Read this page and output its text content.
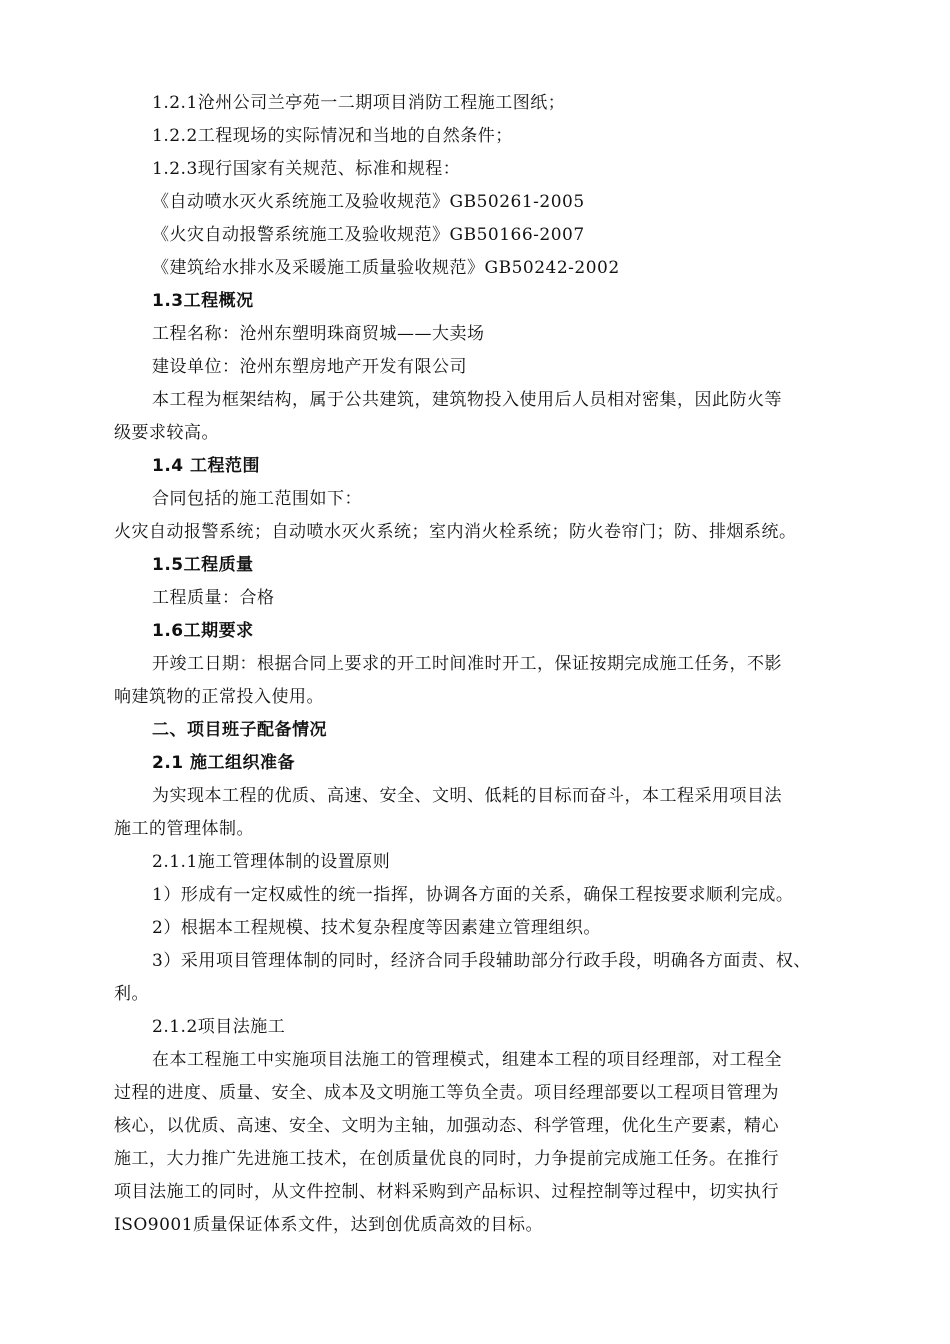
1.2.1沧州公司兰亭苑一二期项目消防工程施工图纸；
1.2.2工程现场的实际情况和当地的自然条件；
1.2.3现行国家有关规范、标准和规程：
《自动喷水灭火系统施工及验收规范》GB50261-2005
《火灾自动报警系统施工及验收规范》GB50166-2007
《建筑给水排水及采暖施工质量验收规范》GB50242-2002
1.3工程概况
工程名称：沧州东塑明珠商贸城——大卖场
建设单位：沧州东塑房地产开发有限公司
本工程为框架结构，属于公共建筑，建筑物投入使用后人员相对密集，因此防火等
级要求较高。
1.4 工程范围
合同包括的施工范围如下：
火灾自动报警系统；自动喷水灭火系统；室内消火栓系统；防火卷帘门；防、排烟系统。
1.5工程质量
工程质量：合格
1.6工期要求
开竣工日期：根据合同上要求的开工时间准时开工，保证按期完成施工任务，不影
响建筑物的正常投入使用。
二、项目班子配备情况
2.1 施工组织准备
为实现本工程的优质、高速、安全、文明、低耗的目标而奋斗，本工程采用项目法
施工的管理体制。
2.1.1施工管理体制的设置原则
1）形成有一定权威性的统一指挥，协调各方面的关系，确保工程按要求顺利完成。
2）根据本工程规模、技术复杂程度等因素建立管理组织。
3）采用项目管理体制的同时，经济合同手段辅助部分行政手段，明确各方面责、权、
利。
2.1.2项目法施工
在本工程施工中实施项目法施工的管理模式，组建本工程的项目经理部，对工程全
过程的进度、质量、安全、成本及文明施工等负全责。项目经理部要以工程项目管理为
核心，以优质、高速、安全、文明为主轴，加强动态、科学管理，优化生产要素，精心
施工，大力推广先进施工技术，在创质量优良的同时，力争提前完成施工任务。在推行
项目法施工的同时，从文件控制、材料采购到产品标识、过程控制等过程中，切实执行
ISO9001质量保证体系文件，达到创优质高效的目标。
